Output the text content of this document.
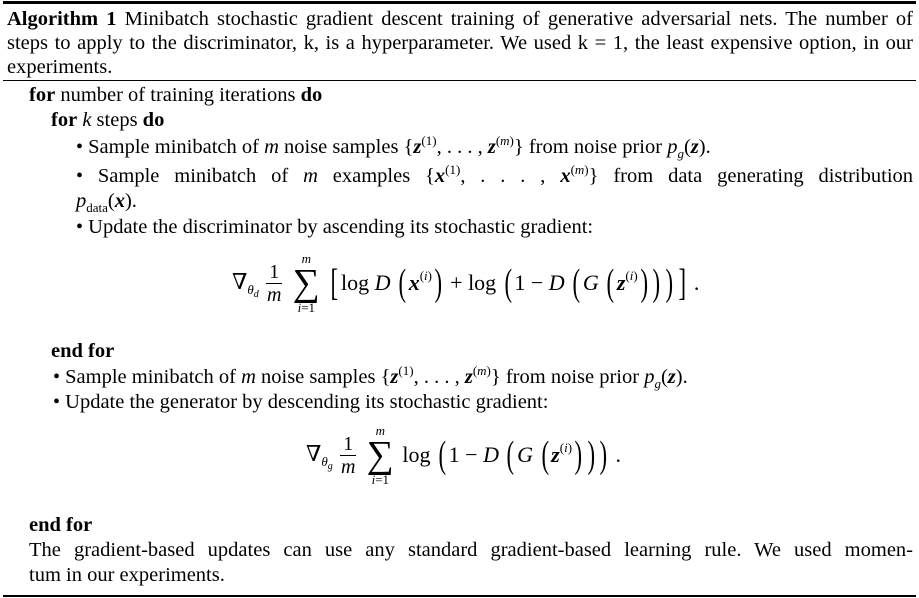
Algorithm 1 Minibatch stochastic gradient descent training of generative adversarial nets. The number of
steps to apply to the discriminator, k, is a hyperparameter. We used k = 1, the least expensive option, in our
experiments.
for number of training iterations do
for k steps do
• Sample minibatch of m noise samples {$z^{(1)}$, . . . , $z^{(m)}$} from noise prior $p_g(z)$.
• Sample minibatch of m examples {$x^{(1)}$, . . . , $x^{(m)}$} from data generating distribution
$p_{data}(x)$.
• Update the discriminator by ascending its stochastic gradient:
$\nabla_{\theta_d} \frac{1}{m}$

m
∑
i=1
[ log D ( $x^{(i)}) + \log$ ( 1 − D ( G ( $z^{(i)}$) ) ) ] .
end for
• Sample minibatch of m noise samples {$z^{(1)}$, . . . , $z^{(m)}$} from noise prior $p_g(z)$.
• Update the generator by descending its stochastic gradient:
$\nabla_{\theta_g} \frac{1}{m}$

m
∑
i=1
log ( 1 − D ( G ( $z^{(i)}$) ) ) .
end for
The gradient-based updates can use any standard gradient-based learning rule. We used momen-
tum in our experiments.
